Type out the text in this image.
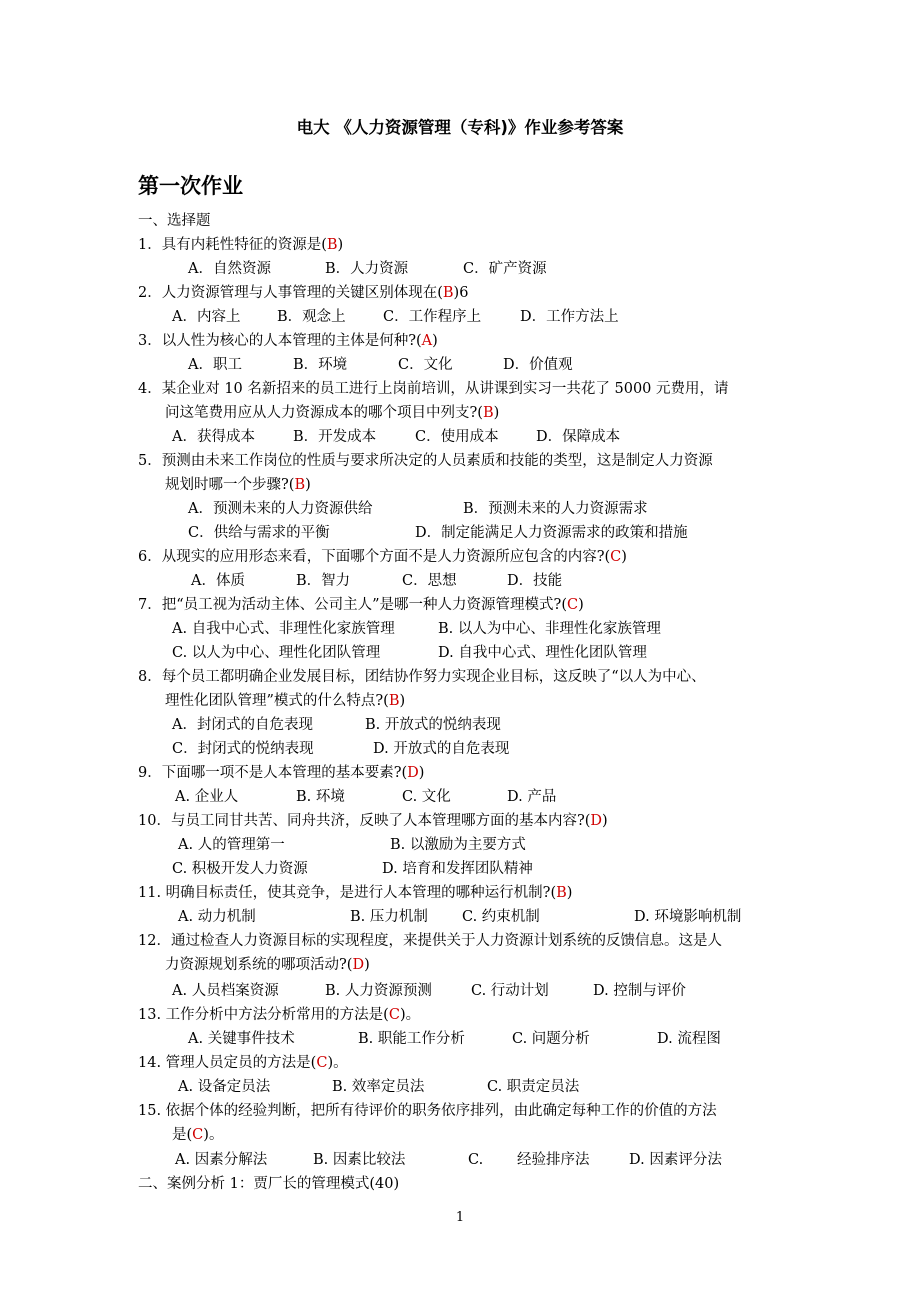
电大 《人力资源管理（专科)》作业参考答案
第一次作业
一、选择题
1．具有内耗性特征的资源是(B)
A．自然资源	B．人力资源	C．矿产资源
2．人力资源管理与人事管理的关键区别体现在(B)6
A．内容上	B．观念上	C．工作程序上	D．工作方法上
3．以人性为核心的人本管理的主体是何种?(A)
A．职工	B．环境	C．文化	D．价值观
4．某企业对 10 名新招来的员工进行上岗前培训，从讲课到实习一共花了 5000 元费用，请
问这笔费用应从人力资源成本的哪个项目中列支?(B)
A．获得成本	B．开发成本	C．使用成本	D．保障成本
5．预测由未来工作岗位的性质与要求所决定的人员素质和技能的类型，这是制定人力资源
规划时哪一个步骤?(B)
A．预测未来的人力资源供给	B．预测未来的人力资源需求
C．供给与需求的平衡	D．制定能满足人力资源需求的政策和措施
6．从现实的应用形态来看，下面哪个方面不是人力资源所应包含的内容?(C)
A．体质	B．智力	C．思想	D．技能
7．把“员工视为活动主体、公司主人”是哪一种人力资源管理模式?(C)
A. 自我中心式、非理性化家族管理	B. 以人为中心、非理性化家族管理
C. 以人为中心、理性化团队管理	D. 自我中心式、理性化团队管理
8．每个员工都明确企业发展目标，团结协作努力实现企业目标，这反映了“以人为中心、
理性化团队管理”模式的什么特点?(B)
A．封闭式的自危表现	B. 开放式的悦纳表现
C．封闭式的悦纳表现	D. 开放式的自危表现
9．下面哪一项不是人本管理的基本要素?(D)
A. 企业人	B. 环境	C. 文化	D. 产品
10．与员工同甘共苦、同舟共济，反映了人本管理哪方面的基本内容?(D)
A. 人的管理第一	B. 以激励为主要方式
C. 积极开发人力资源	D. 培育和发挥团队精神
11. 明确目标责任，使其竞争，是进行人本管理的哪种运行机制?(B)
A. 动力机制	B. 压力机制 C. 约束机制	D. 环境影响机制
12．通过检查人力资源目标的实现程度，来提供关于人力资源计划系统的反馈信息。这是人
力资源规划系统的哪项活动?(D)
A. 人员档案资源	B. 人力资源预测	C. 行动计划	D. 控制与评价
13. 工作分析中方法分析常用的方法是(C)。
A. 关键事件技术	B. 职能工作分析	C. 问题分析	D. 流程图
14. 管理人员定员的方法是(C)。
A. 设备定员法	B. 效率定员法	C. 职责定员法
15. 依据个体的经验判断，把所有待评价的职务依序排列，由此确定每种工作的价值的方法
是(C)。
A. 因素分解法	B. 因素比较法	C. 经验排序法	D. 因素评分法
二、案例分析 1：贾厂长的管理模式(40)
1
